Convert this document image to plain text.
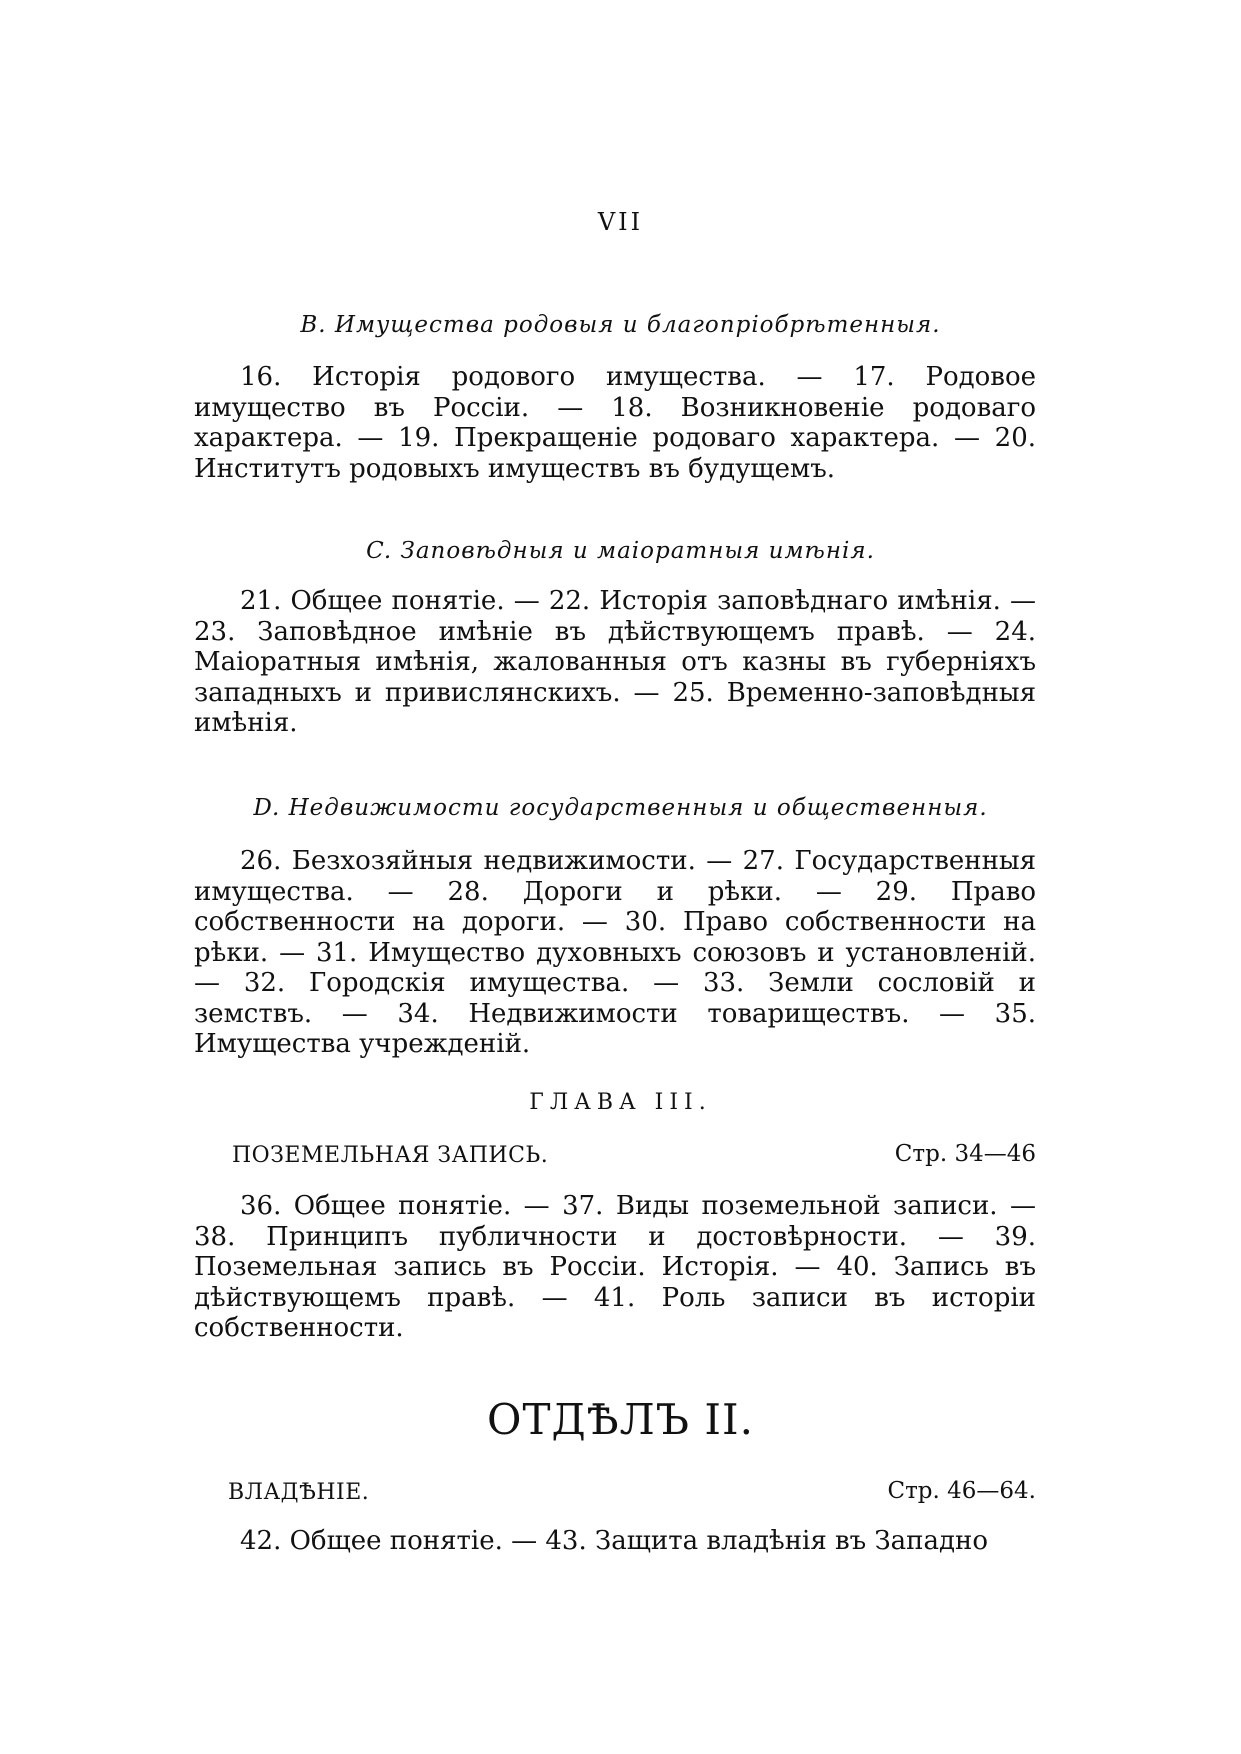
VII
B. Имущества родовыя и благопріобрѣтенныя.
16. Исторія родового имущества. — 17. Родовое имущество въ Россіи. — 18. Возникновеніе родоваго характера. — 19. Прекращеніе родоваго характера. — 20. Институтъ родовыхъ имуществъ въ будущемъ.
C. Заповѣдныя и маіоратныя имѣнія.
21. Общее понятіе. — 22. Исторія заповѣднаго имѣнія. — 23. Заповѣдное имѣніе въ дѣйствующемъ правѣ. — 24. Маіоратныя имѣнія, жалованныя отъ казны въ губерніяхъ западныхъ и привислянскихъ. — 25. Временно-заповѣдныя имѣнія.
D. Недвижимости государственныя и общественныя.
26. Безхозяйныя недвижимости. — 27. Государственныя имущества. — 28. Дороги и рѣки. — 29. Право собственности на дороги. — 30. Право собственности на рѣки. — 31. Имущество духовныхъ союзовъ и установленій. — 32. Городскія имущества. — 33. Земли сословій и земствъ. — 34. Недвижимости товариществъ. — 35. Имущества учрежденій.
ГЛАВА III.
ПОЗЕМЕЛЬНАЯ ЗАПИСЬ.	Стр. 34—46
36. Общее понятіе. — 37. Виды поземельной записи. — 38. Принципъ публичности и достовѣрности. — 39. Поземельная запись въ Россіи. Исторія. — 40. Запись въ дѣйствующемъ правѣ. — 41. Роль записи въ исторіи собственности.
ОТДѢЛЪ II.
ВЛАДѢНІЕ.	Стр. 46—64.
42. Общее понятіе. — 43. Защита владѣнія въ Западно
